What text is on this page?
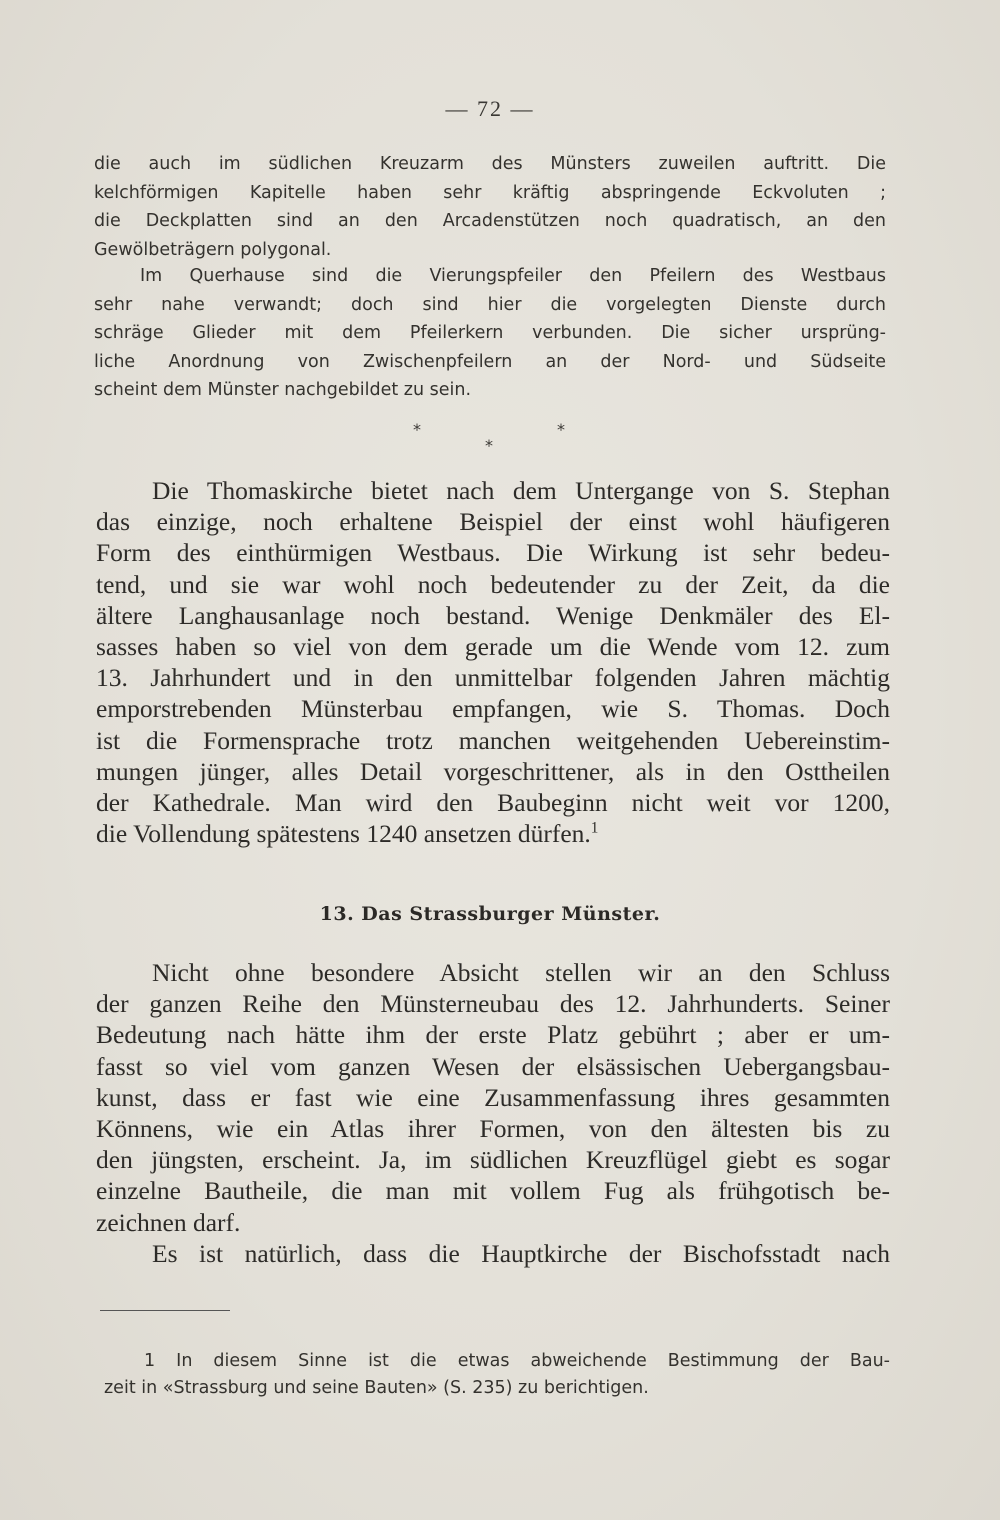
— 72 —
die auch im südlichen Kreuzarm des Münsters zuweilen auftritt. Die
kelchförmigen Kapitelle haben sehr kräftig abspringende Eckvoluten ;
die Deckplatten sind an den Arcadenstützen noch quadratisch, an den
Gewölbeträgern polygonal.
Im Querhause sind die Vierungspfeiler den Pfeilern des Westbaus
sehr nahe verwandt; doch sind hier die vorgelegten Dienste durch
schräge Glieder mit dem Pfeilerkern verbunden. Die sicher ursprüng-
liche Anordnung von Zwischenpfeilern an der Nord- und Südseite
scheint dem Münster nachgebildet zu sein.
*	*
*
Die Thomaskirche bietet nach dem Untergange von S. Stephan
das einzige, noch erhaltene Beispiel der einst wohl häufigeren
Form des einthürmigen Westbaus. Die Wirkung ist sehr bedeu-
tend, und sie war wohl noch bedeutender zu der Zeit, da die
ältere Langhausanlage noch bestand. Wenige Denkmäler des El-
sasses haben so viel von dem gerade um die Wende vom 12. zum
13. Jahrhundert und in den unmittelbar folgenden Jahren mächtig
emporstrebenden Münsterbau empfangen, wie S. Thomas. Doch
ist die Formensprache trotz manchen weitgehenden Uebereinstim-
mungen jünger, alles Detail vorgeschrittener, als in den Osttheilen
der Kathedrale. Man wird den Baubeginn nicht weit vor 1200,
die Vollendung spätestens 1240 ansetzen dürfen.$^1$
13. Das Strassburger Münster.
Nicht ohne besondere Absicht stellen wir an den Schluss
der ganzen Reihe den Münsterneubau des 12. Jahrhunderts. Seiner
Bedeutung nach hätte ihm der erste Platz gebührt ; aber er um-
fasst so viel vom ganzen Wesen der elsässischen Uebergangsbau-
kunst, dass er fast wie eine Zusammenfassung ihres gesammten
Könnens, wie ein Atlas ihrer Formen, von den ältesten bis zu
den jüngsten, erscheint. Ja, im südlichen Kreuzflügel giebt es sogar
einzelne Bautheile, die man mit vollem Fug als frühgotisch be-
zeichnen darf.
Es ist natürlich, dass die Hauptkirche der Bischofsstadt nach
1 In diesem Sinne ist die etwas abweichende Bestimmung der Bau-
zeit in «Strassburg und seine Bauten» (S. 235) zu berichtigen.
